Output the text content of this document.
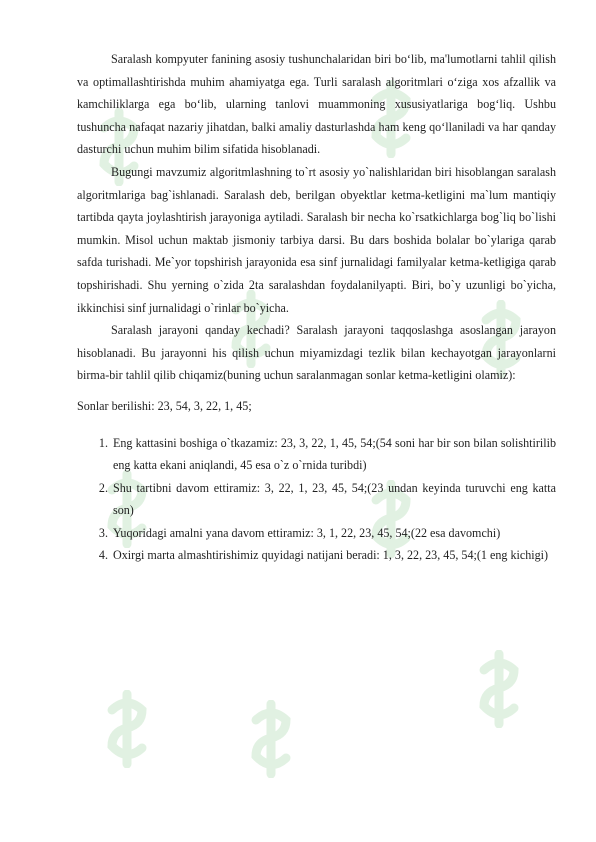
Saralash kompyuter fanining asosiy tushunchalaridan biri bo‘lib, ma'lumotlarni tahlil qilish va optimallashtirishda muhim ahamiyatga ega. Turli saralash algoritmlari o‘ziga xos afzallik va kamchiliklarga ega bo‘lib, ularning tanlovi muammoning xususiyatlariga bog‘liq. Ushbu tushuncha nafaqat nazariy jihatdan, balki amaliy dasturlashda ham keng qo‘llaniladi va har qanday dasturchi uchun muhim bilim sifatida hisoblanadi.

Bugungi mavzumiz algoritmlashning to`rt asosiy yo`nalishlaridan biri hisoblangan saralash algoritmlariga bag`ishlanadi. Saralash deb, berilgan obyektlar ketma-ketligini ma`lum mantiqiy tartibda qayta joylashtirish jarayoniga aytiladi. Saralash bir necha ko`rsatkichlarga bog`liq bo`lishi mumkin. Misol uchun maktab jismoniy tarbiya darsi. Bu dars boshida bolalar bo`ylariga qarab safda turishadi. Me`yor topshirish jarayonida esa sinf jurnalidagi familyalar ketma-ketligiga qarab topshirishadi. Shu yerning o`zida 2ta saralashdan foydalanilyapti. Biri, bo`y uzunligi bo`yicha, ikkinchisi sinf jurnalidagi o`rinlar bo`yicha.

Saralash jarayoni qanday kechadi? Saralash jarayoni taqqoslashga asoslangan jarayon hisoblanadi. Bu jarayonni his qilish uchun miyamizdagi tezlik bilan kechayotgan jarayonlarni birma-bir tahlil qilib chiqamiz(buning uchun saralanmagan sonlar ketma-ketligini olamiz):

Sonlar berilishi: 23, 54, 3, 22, 1, 45;

1. Eng kattasini boshiga o`tkazamiz: 23, 3, 22, 1, 45, 54;(54 soni har bir son bilan solishtirilib eng katta ekani aniqlandi, 45 esa o`z o`rnida turibdi)
2. Shu tartibni davom ettiramiz: 3, 22, 1, 23, 45, 54;(23 undan keyinda turuvchi eng katta son)
3. Yuqoridagi amalni yana davom ettiramiz: 3, 1, 22, 23, 45, 54;(22 esa davomchi)
4. Oxirgi marta almashtirishimiz quyidagi natijani beradi: 1, 3, 22, 23, 45, 54;(1 eng kichigi)
